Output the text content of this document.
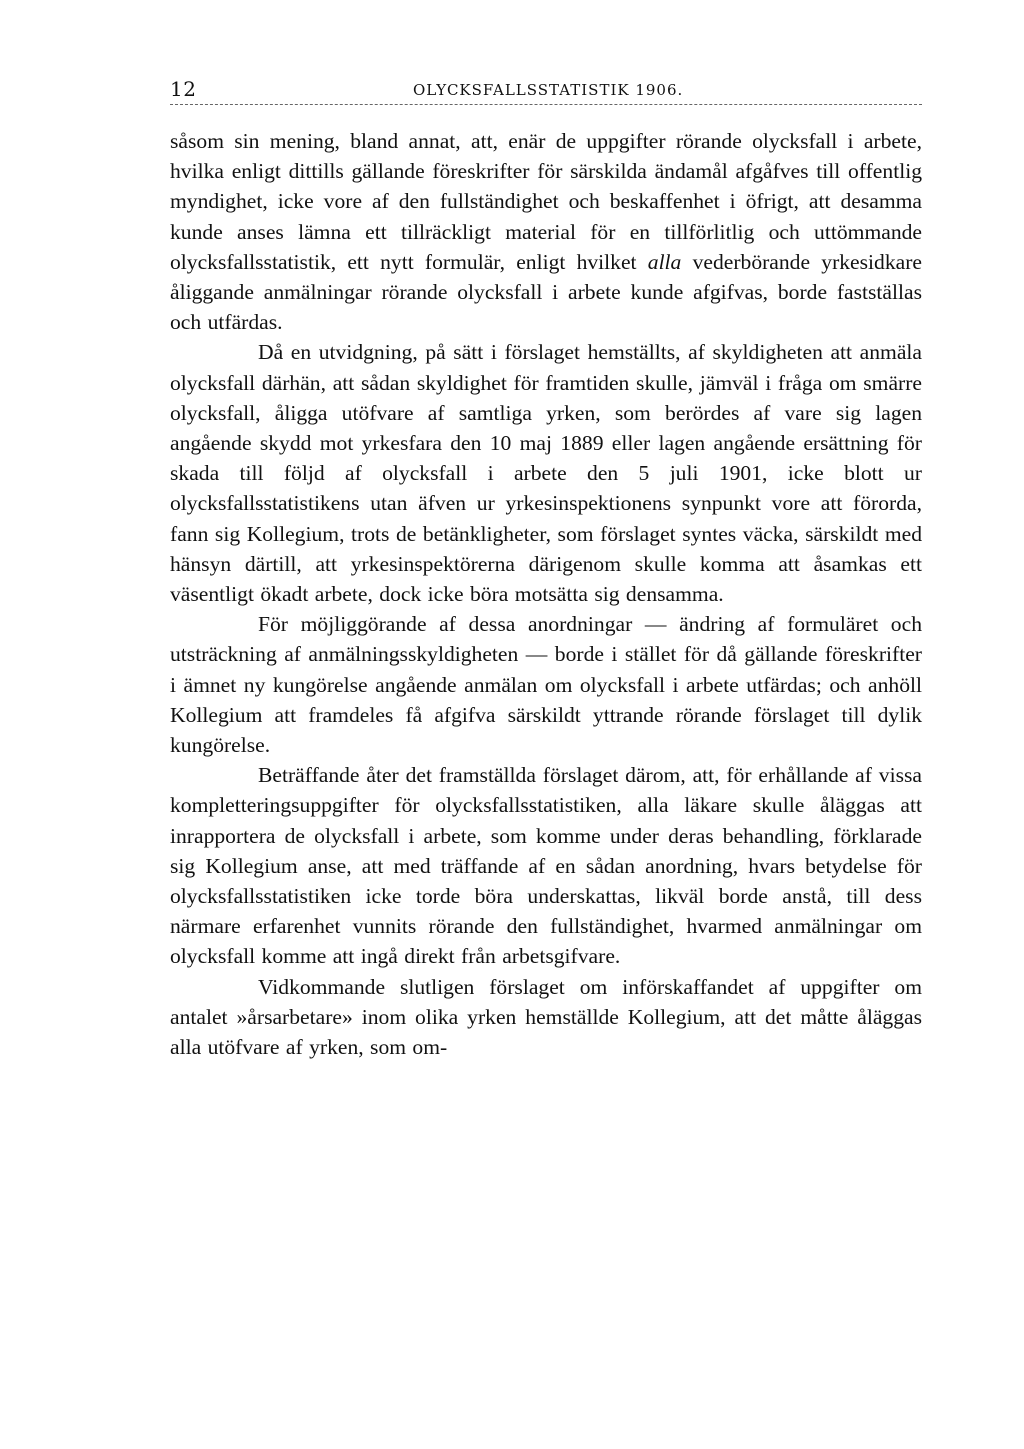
12	OLYCKSFALLSSTATISTIK 1906.

såsom sin mening, bland annat, att, enär de uppgifter rörande olycksfall i arbete, hvilka enligt dittills gällande föreskrifter för särskilda ändamål afgåfves till offentlig myndighet, icke vore af den fullständighet och beskaffenhet i öfrigt, att desamma kunde anses lämna ett tillräckligt material för en tillförlitlig och uttömmande olycksfallsstatistik, ett nytt formulär, enligt hvilket alla vederbörande yrkesidkare åliggande anmälningar rörande olycksfall i arbete kunde afgifvas, borde fastställas och utfärdas.

Då en utvidgning, på sätt i förslaget hemställts, af skyldigheten att anmäla olycksfall därhän, att sådan skyldighet för framtiden skulle, jämväl i fråga om smärre olycksfall, åligga utöfvare af samtliga yrken, som berördes af vare sig lagen angående skydd mot yrkesfara den 10 maj 1889 eller lagen angående ersättning för skada till följd af olycksfall i arbete den 5 juli 1901, icke blott ur olycksfallsstatistikens utan äfven ur yrkesinspektionens synpunkt vore att förorda, fann sig Kollegium, trots de betänkligheter, som förslaget syntes väcka, särskildt med hänsyn därtill, att yrkesinspektörerna därigenom skulle komma att åsamkas ett väsentligt ökadt arbete, dock icke böra motsätta sig densamma.

För möjliggörande af dessa anordningar — ändring af formuläret och utsträckning af anmälningsskyldigheten — borde i stället för då gällande föreskrifter i ämnet ny kungörelse angående anmälan om olycksfall i arbete utfärdas; och anhöll Kollegium att framdeles få afgifva särskildt yttrande rörande förslaget till dylik kungörelse.

Beträffande åter det framställda förslaget därom, att, för erhållande af vissa kompletteringsuppgifter för olycksfallsstatistiken, alla läkare skulle åläggas att inrapportera de olycksfall i arbete, som komme under deras behandling, förklarade sig Kollegium anse, att med träffande af en sådan anordning, hvars betydelse för olycksfallsstatistiken icke torde böra underskattas, likväl borde anstå, till dess närmare erfarenhet vunnits rörande den fullständighet, hvarmed anmälningar om olycksfall komme att ingå direkt från arbetsgifvare.

Vidkommande slutligen förslaget om införskaffandet af uppgifter om antalet »årsarbetare» inom olika yrken hemställde Kollegium, att det måtte åläggas alla utöfvare af yrken, som om-
